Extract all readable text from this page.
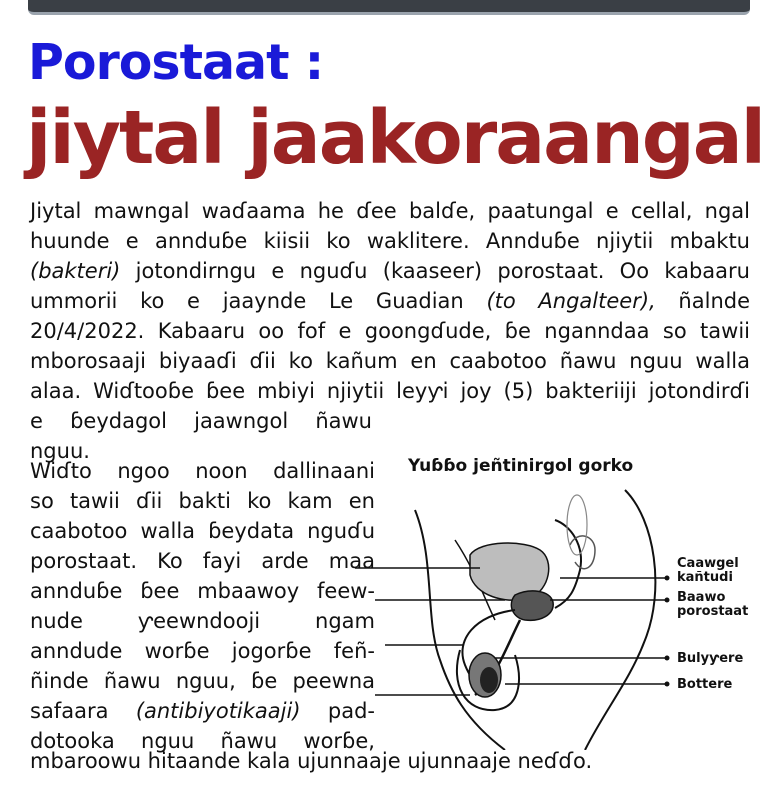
Porostaat :
jiytal jaakoraangal
Jiytal mawngal waɗaama he ɗee balɗe, paatungal e cellal, ngal
huunde e annduɓe kiisii ko waklitere. Annduɓe njiytii mbaktu
(bakteri) jotondirngu e nguɗu (kaaseer) porostaat. Oo kabaaru
ummorii ko e jaaynde Le Guadian (to Angalteer), ñalnde
20/4/2022. Kabaaru oo fof e goongɗude, ɓe nganndaa so tawii
mborosaaji biyaaɗi ɗii ko kañum en caabotoo ñawu nguu walla
alaa. Wiɗtooɓe ɓee mbiyi njiytii leyƴi joy (5) bakteriiji jotondirɗi
e ɓeydagol jaawngol ñawu
nguu.
Wiɗto ngoo noon dallinaani
so tawii ɗii bakti ko kam en
caabotoo walla ɓeydata nguɗu
porostaat. Ko fayi arde maa
annduɓe ɓee mbaawoy feew-
nude ƴeewndooji ngam
anndude worɓe jogorɓe feñ-
ñinde ñawu nguu, ɓe peewna
safaara (antibiyotikaaji) pad-
dotooka nguu ñawu worɓe,
mbaroowu hitaande kala ujunnaaje ujunnaaje neɗɗo.
Yuɓɓo jeñtinirgol gorko
Caawgel
kañtudi
Baawo
porostaat
Bulyƴere
Bottere
